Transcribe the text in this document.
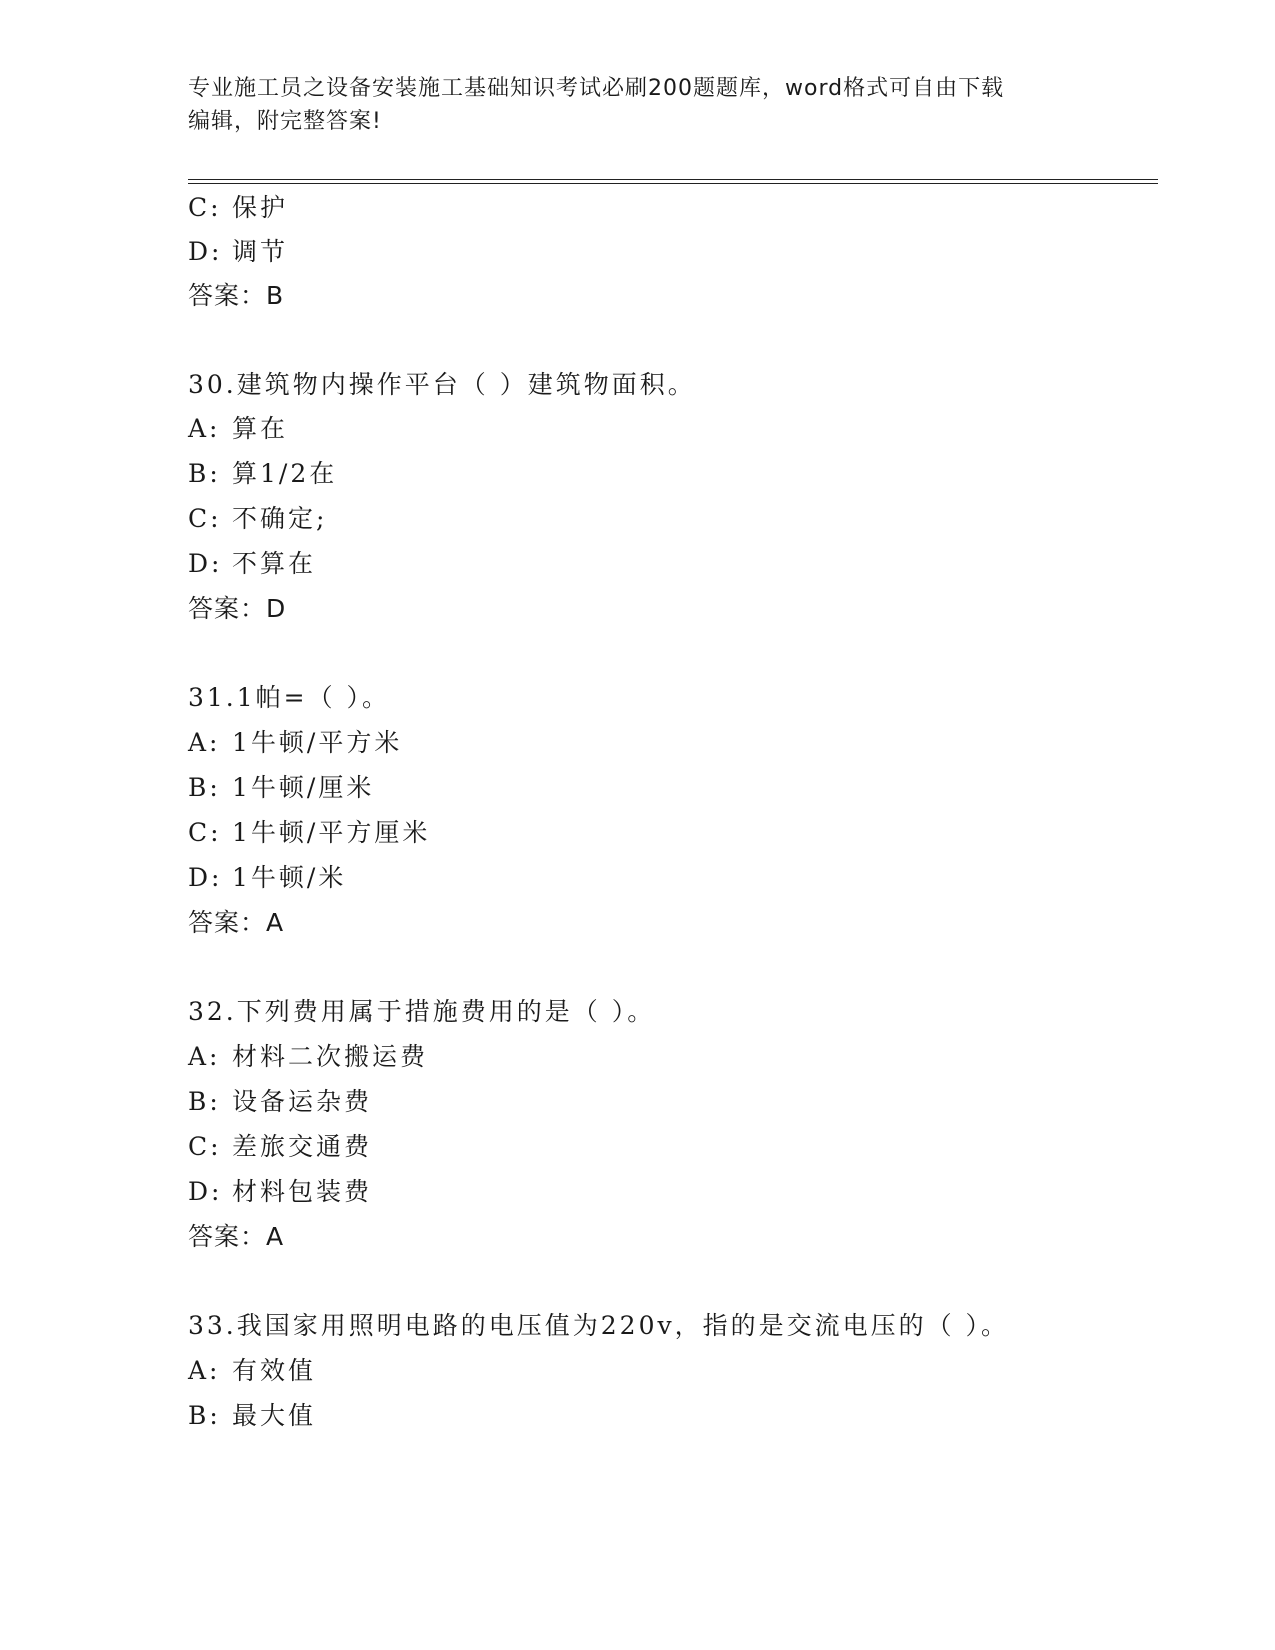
专业施工员之设备安装施工基础知识考试必刷200题题库，word格式可自由下载
编辑，附完整答案!
C: 保护
D: 调节
答案：B
30.建筑物内操作平台（ ）建筑物面积。
A: 算在
B: 算1/2在
C: 不确定;
D: 不算在
答案：D
31.1帕=（ ）。
A: 1牛顿/平方米
B: 1牛顿/厘米
C: 1牛顿/平方厘米
D: 1牛顿/米
答案：A
32.下列费用属于措施费用的是（ ）。
A: 材料二次搬运费
B: 设备运杂费
C: 差旅交通费
D: 材料包装费
答案：A
33.我国家用照明电路的电压值为220v，指的是交流电压的（ ）。
A: 有效值
B: 最大值
